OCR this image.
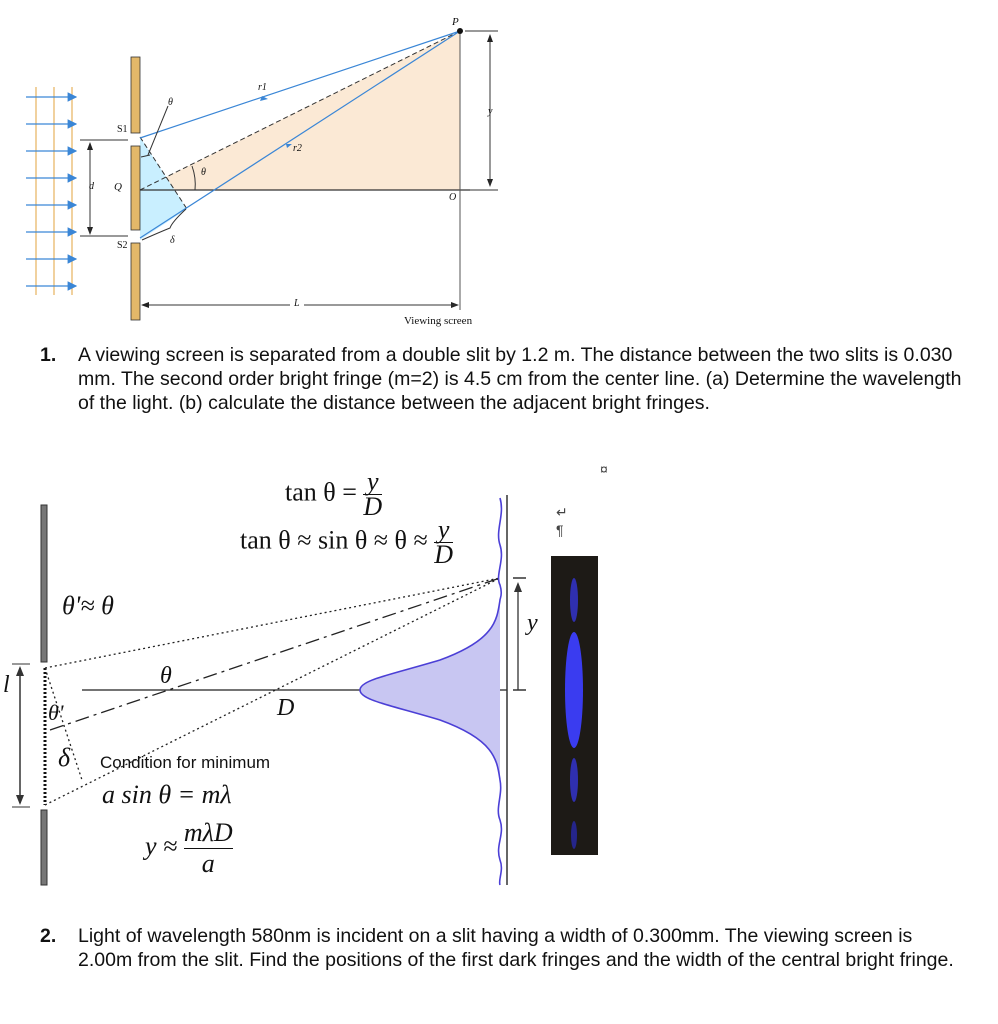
P
r1
r2
θ
θ
S1
S2
d Q
δ
O
y
L
Viewing screen
1. A viewing screen is separated from a double slit by 1.2 m. The distance between the two slits is 0.030 mm. The second order bright fringe (m=2) is 4.5 cm from the center line. (a) Determine the wavelength of the light. (b) calculate the distance between the adjacent bright fringes.
$\tan \theta = \frac{y}{D}$
$\tan \theta \approx \sin \theta \approx \theta \approx \frac{y}{D}$
θ'≈ θ
θ
θ'	D
l
y
δ Condition for minimum
a sin θ = mλ
$y \approx \frac{\text{mλD}}{a}$
¤
↵
¶
2. Light of wavelength 580nm is incident on a slit having a width of 0.300mm. The viewing screen is 2.00m from the slit. Find the positions of the first dark fringes and the width of the central bright fringe.
